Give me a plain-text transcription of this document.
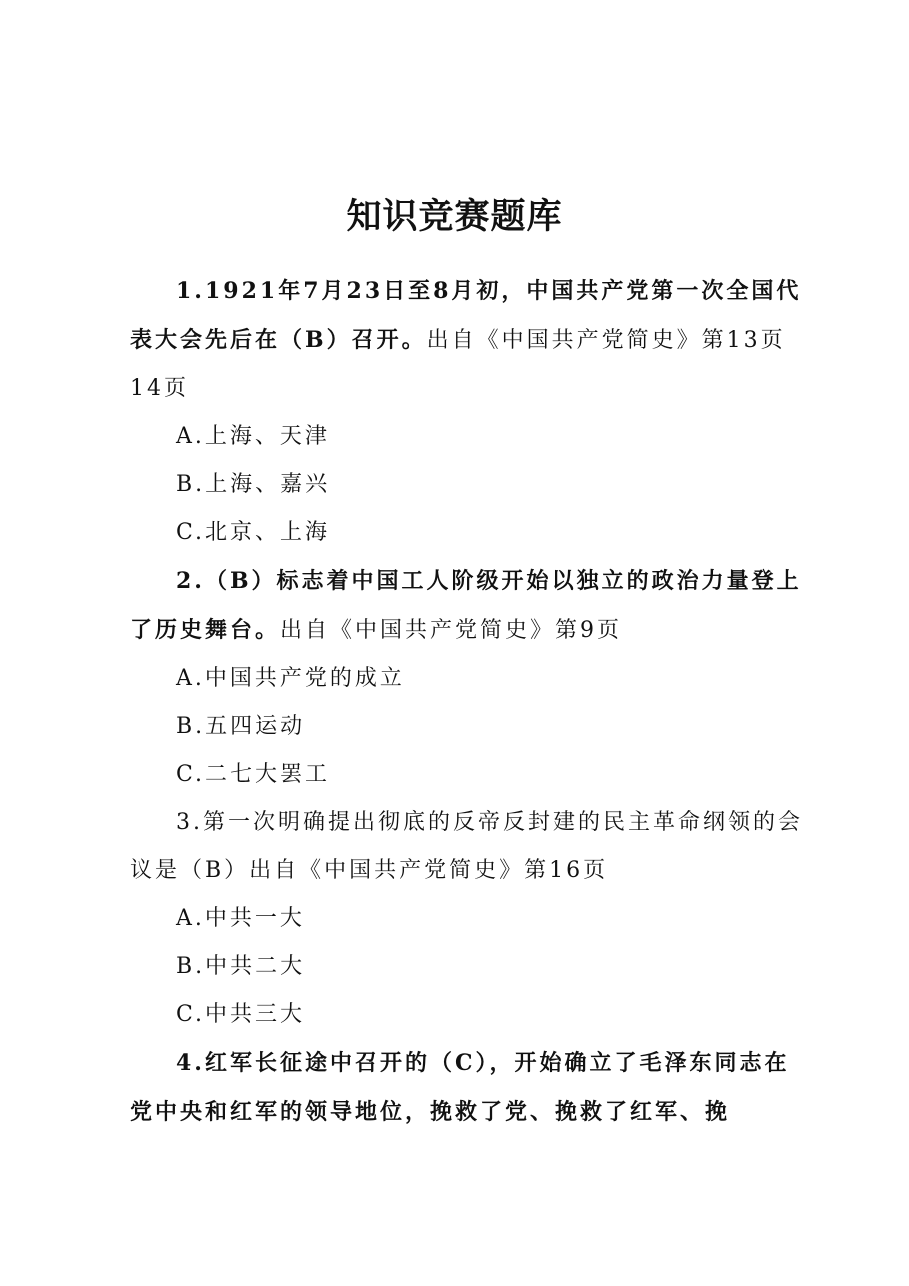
知识竞赛题库

1.1921年7月23日至8月初，中国共产党第一次全国代表大会先后在（B）召开。出自《中国共产党简史》第13页14页

A.上海、天津

B.上海、嘉兴

C.北京、上海

2.（B）标志着中国工人阶级开始以独立的政治力量登上了历史舞台。出自《中国共产党简史》第9页

A.中国共产党的成立

B.五四运动

C.二七大罢工

3.第一次明确提出彻底的反帝反封建的民主革命纲领的会议是（B）出自《中国共产党简史》第16页

A.中共一大

B.中共二大

C.中共三大

4.红军长征途中召开的（C），开始确立了毛泽东同志在党中央和红军的领导地位，挽救了党、挽救了红军、挽
